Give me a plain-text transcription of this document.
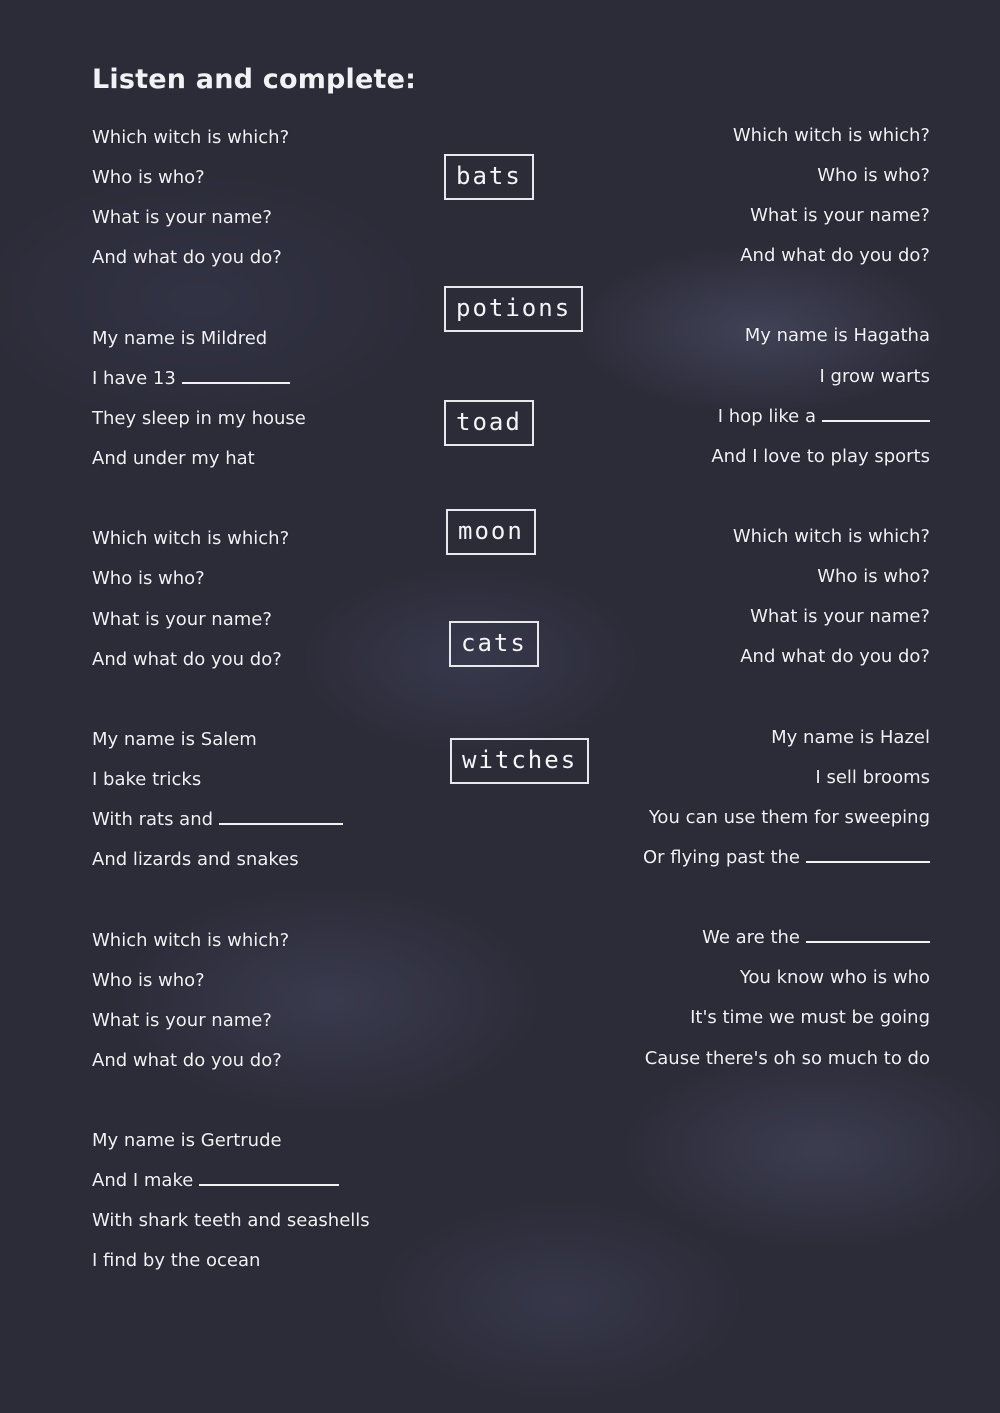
Listen and complete:
bats
potions
toad
moon
cats
witches
Which witch is which?
Who is who?
What is your name?
And what do you do?
My name is Mildred
I have 13
They sleep in my house
And under my hat
Which witch is which?
Who is who?
What is your name?
And what do you do?
My name is Salem
I bake tricks
With rats and
And lizards and snakes
Which witch is which?
Who is who?
What is your name?
And what do you do?
My name is Gertrude
And I make
With shark teeth and seashells
I find by the ocean
Which witch is which?
Who is who?
What is your name?
And what do you do?
My name is Hagatha
I grow warts
I hop like a
And I love to play sports
Which witch is which?
Who is who?
What is your name?
And what do you do?
My name is Hazel
I sell brooms
You can use them for sweeping
Or flying past the
We are the
You know who is who
It's time we must be going
Cause there's oh so much to do
